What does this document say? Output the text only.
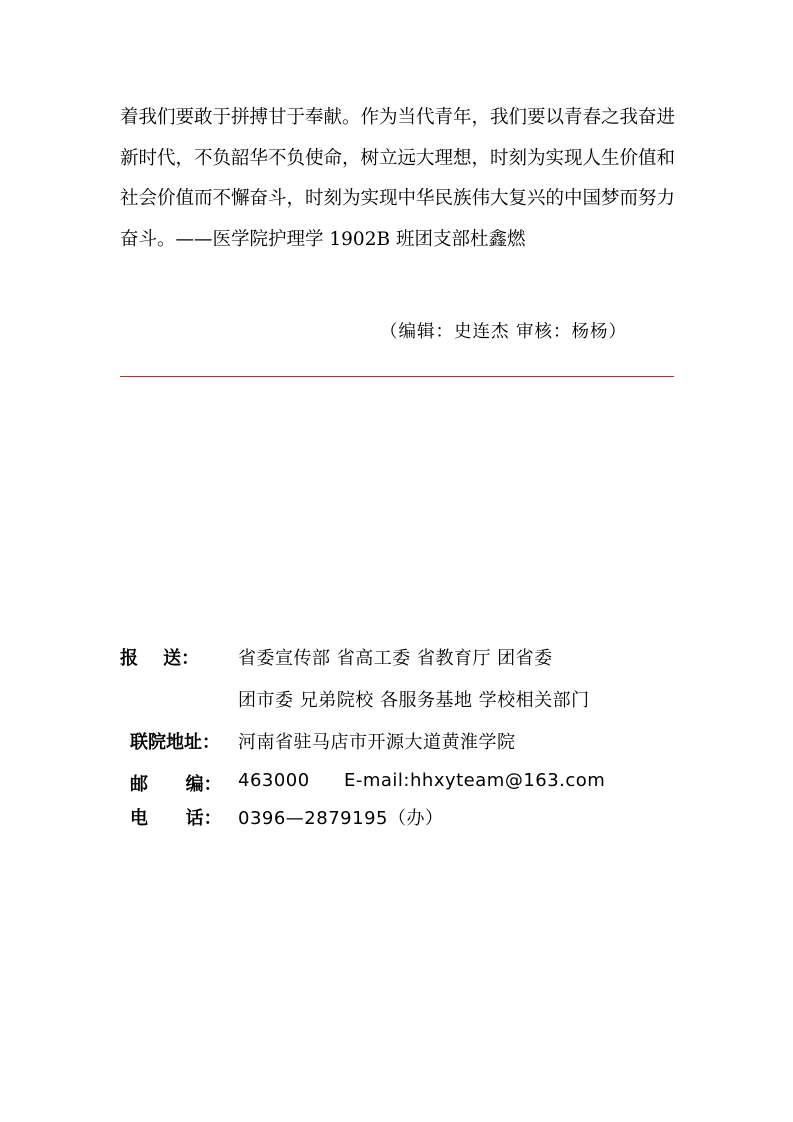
着我们要敢于拼搏甘于奉献。作为当代青年，我们要以青春之我奋进
新时代，不负韶华不负使命，树立远大理想，时刻为实现人生价值和
社会价值而不懈奋斗，时刻为实现中华民族伟大复兴的中国梦而努力
奋斗。——医学院护理学 1902B 班团支部杜鑫燃

（编辑：史连杰 审核：杨杨）

报    送： 省委宣传部 省高工委 省教育厅 团省委
团市委 兄弟院校 各服务基地 学校相关部门
联院地址： 河南省驻马店市开源大道黄淮学院
邮      编： 463000 E-mail:hhxyteam@163.com
电      话： 0396—2879195（办）
